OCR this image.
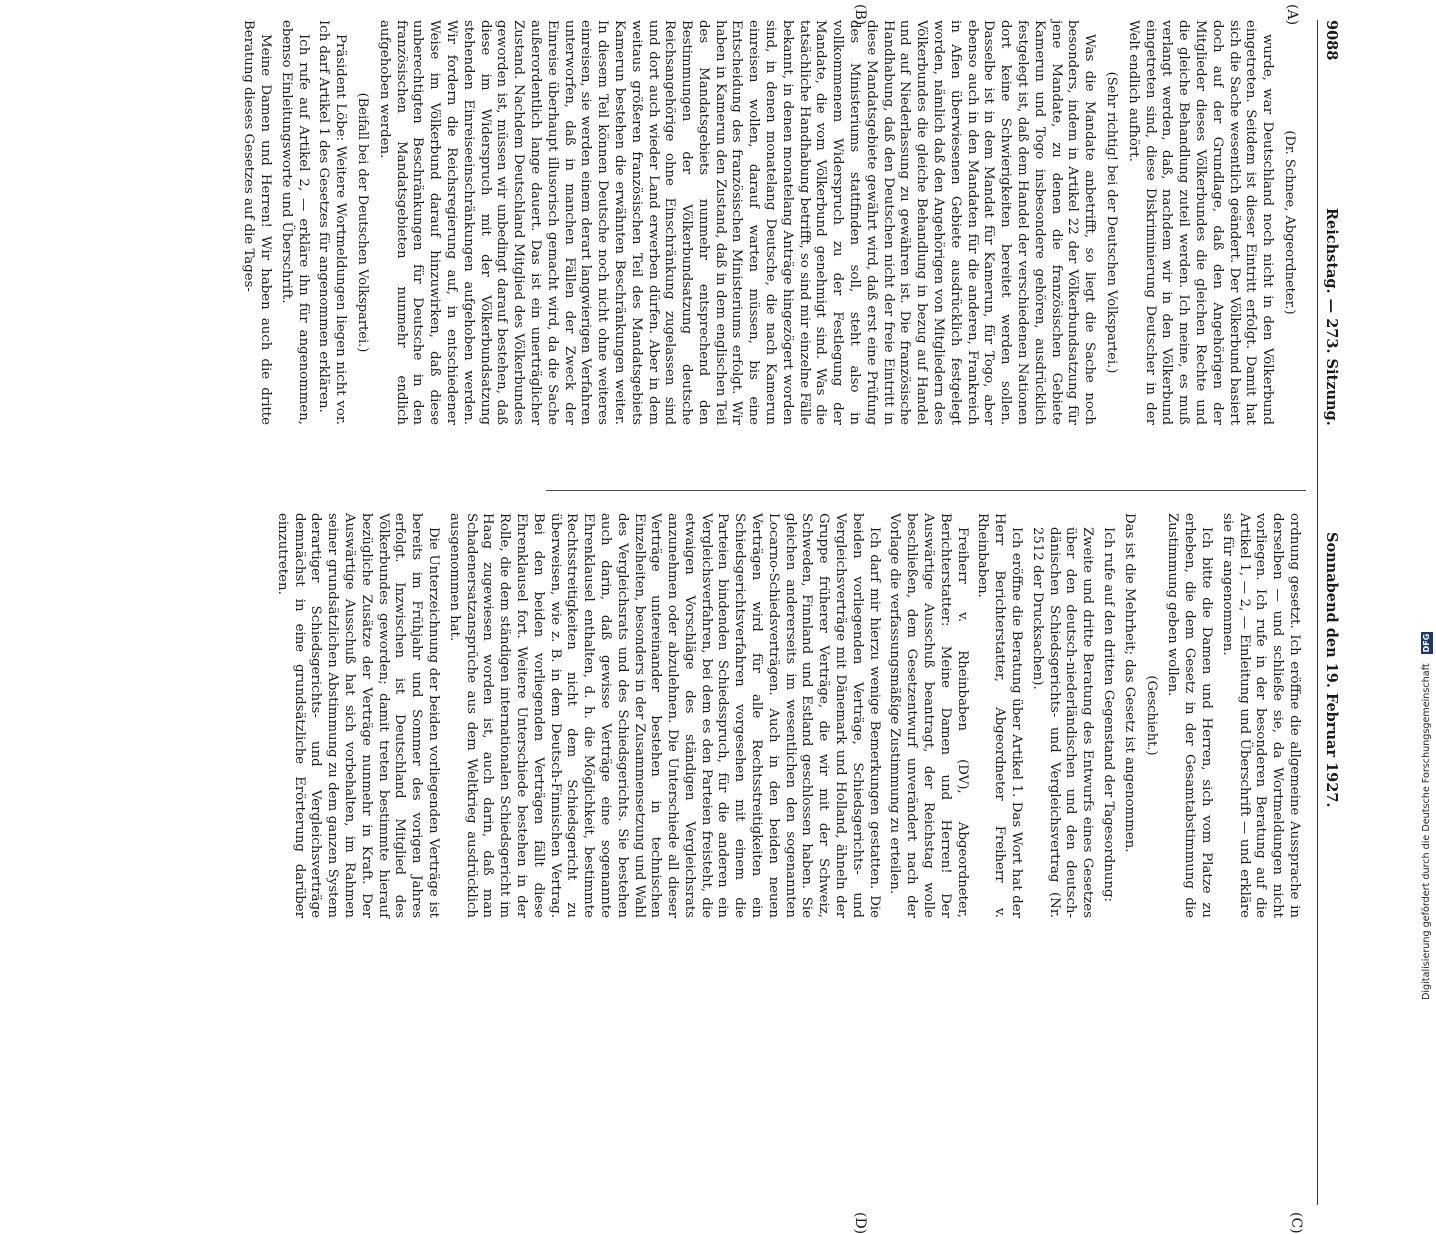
9088
Reichstag. — 273. Sitzung.
Sonnabend den 19. Februar 1927.
(A)
(B)
(C)
(D)

(Dr. Schnee, Abgeordneter.)

wurde, war Deutschland noch nicht in den Völkerbund eingetreten. Seitdem ist dieser Eintritt erfolgt. Damit hat sich die Sache wesentlich geändert. Der Völkerbund basiert doch auf der Grundlage, daß den Angehörigen der Mitglieder dieses Völkerbundes die gleichen Rechte und die gleiche Behandlung zuteil werden. Ich meine, es muß verlangt werden, daß, nachdem wir in den Völkerbund eingetreten sind, diese Diskriminierung Deutscher in der Welt endlich aufhört.

(Sehr richtig! bei der Deutschen Volkspartei.)

Was die Mandate anbetrifft, so liegt die Sache noch besonders, indem in Artikel 22 der Völkerbundsatzung für jene Mandate, zu denen die französischen Gebiete Kamerun und Togo insbesondere gehören, ausdrücklich festgelegt ist, daß dem Handel der verschiedenen Nationen dort keine Schwierigkeiten bereitet werden sollen. Dasselbe ist in dem Mandat für Kamerun, für Togo, aber ebenso auch in den Mandaten für die anderen, Frankreich in Afien überwiesenen Gebiete ausdrücklich festgelegt worden, nämlich daß den Angehörigen von Mitgliedern des Völkerbundes die gleiche Behandlung in bezug auf Handel und auf Niederlassung zu gewähren ist. Die französische Handhabung, daß den Deutschen nicht der freie Eintritt in diese Mandatsgebiete gewährt wird, daß erst eine Prüfung des Ministeriums stattfinden soll, steht also in vollkommenem Widerspruch zu der Festlegung der Mandate, die vom Völkerbund genehmigt sind. Was die tatsächliche Handhabung betrifft, so sind mir einzelne Fälle bekannt, in denen monatelang Anträge hingezögert worden sind, in denen monatelang Deutsche, die nach Kamerun einreisen wollen, darauf warten müssen, bis eine Entscheidung des französischen Ministeriums erfolgt. Wir haben in Kamerun den Zustand, daß in dem englischen Teil des Mandatsgebiets nunmehr entsprechend den Bestimmungen der Völkerbundsatzung deutsche Reichsangehörige ohne Einschränkung zugelassen sind und dort auch wieder Land erwerben dürfen. Aber in dem weitaus größeren französischen Teil des Mandatsgebiets Kamerun bestehen die erwähnten Beschränkungen weiter. In diesem Teil können Deutsche noch nicht ohne weiteres einreisen, sie werden einem derart langwierigen Verfahren unterworfen, daß in manchen Fällen der Zweck der Einreise überhaupt illusorisch gemacht wird, da die Sache außerordentlich lange dauert. Das ist ein unerträglicher Zustand. Nachdem Deutschland Mitglied des Völkerbundes geworden ist, müssen wir unbedingt darauf bestehen, daß diese im Widerspruch mit der Völkerbundsatzung stehenden Einreiseeinschränkungen aufgehoben werden. Wir fordern die Reichsregierung auf, in entschiedener Weise im Völkerbund darauf hinzuwirken, daß diese unberechtigten Beschränkungen für Deutsche in den französischen Mandatsgebieten nunmehr endlich aufgehoben werden.

(Beifall bei der Deutschen Volkspartei.)

Präsident Löbe: Weitere Wortmeldungen liegen nicht vor. Ich darf Artikel 1 des Gesetzes für angenommen erklären.

Ich rufe auf Artikel 2, — erkläre ihn für angenommen, ebenso Einleitungsworte und Überschrift.

Meine Damen und Herren! Wir haben auch die dritte Beratung dieses Gesetzes auf die Tages-

ordnung gesetzt. Ich eröffne die allgemeine Aussprache in derselben — und schließe sie, da Wortmeldungen nicht vorliegen. Ich rufe in der besonderen Beratung auf die Artikel 1, — 2, — Einleitung und Überschrift — und erkläre sie für angenommen.

Ich bitte die Damen und Herren, sich vom Platze zu erheben, die dem Gesetz in der Gesamtabstimmung die Zustimmung geben wollen.

(Geschieht.)

Das ist die Mehrheit; das Gesetz ist angenommen.

Ich rufe auf den dritten Gegenstand der Tagesordnung:

Zweite und dritte Beratung des Entwurfs eines Gesetzes über den deutsch-niederländischen und den deutsch-dänischen Schiedsgerichts- und Vergleichsvertrag (Nr. 2512 der Drucksachen).

Ich eröffne die Beratung über Artikel 1. Das Wort hat der Herr Berichterstatter, Abgeordneter Freiherr v. Rheinbaben.

Freiherr v. Rheinbaben (DV), Abgeordneter, Berichterstatter: Meine Damen und Herren! Der Auswärtige Ausschuß beantragt, der Reichstag wolle beschließen, dem Gesetzentwurf unverändert nach der Vorlage die verfassungsmäßige Zustimmung zu erteilen.

Ich darf mir hierzu wenige Bemerkungen gestatten. Die beiden vorliegenden Verträge, Schiedsgerichts- und Vergleichsverträge mit Dänemark und Holland, ähneln der Gruppe früherer Verträge, die wir mit der Schweiz, Schweden, Finnland und Estland geschlossen haben. Sie gleichen andererseits im wesentlichen den sogenannten Locarno-Schiedsverträgen. Auch in den beiden neuen Verträgen wird für alle Rechtsstreitigkeiten ein Schiedsgerichtsverfahren vorgesehen mit einem die Parteien bindenden Schiedsspruch, für die anderen ein Vergleichsverfahren, bei dem es den Parteien freisteht, die etwaigen Vorschläge des ständigen Vergleichsrats anzunehmen oder abzulehnen. Die Unterschiede all dieser Verträge untereinander bestehen in technischen Einzelheiten, besonders in der Zusammensetzung und Wahl des Vergleichsrats und des Schiedsgerichts. Sie bestehen auch darin, daß gewisse Verträge eine sogenannte Ehrenklausel enthalten, d. h. die Möglichkeit, bestimmte Rechtsstreitigkeiten nicht dem Schiedsgericht zu überweisen, wie z. B. in dem Deutsch-Finnischen Vertrag. Bei den beiden vorliegenden Verträgen fällt diese Ehrenklausel fort. Weitere Unterschiede bestehen in der Rolle, die dem ständigen internationalen Schiedsgericht im Haag zugewiesen worden ist, auch darin, daß man Schadenersatzansprüche aus dem Weltkrieg ausdrücklich ausgenommen hat.

Die Unterzeichnung der beiden vorliegenden Verträge ist bereits im Frühjahr und Sommer des vorigen Jahres erfolgt. Inzwischen ist Deutschland Mitglied des Völkerbundes geworden; damit treten bestimmte hierauf bezügliche Zusätze der Verträge nunmehr in Kraft. Der Auswärtige Ausschuß hat sich vorbehalten, im Rahmen seiner grundsätzlichen Abstimmung zu dem ganzen System derartiger Schiedsgerichts- und Vergleichsverträge demnächst in eine grundsätzliche Erörterung darüber einzutreten.

Digitalisierung gefördert durch die Deutsche Forschungsgemeinschaft DFG
